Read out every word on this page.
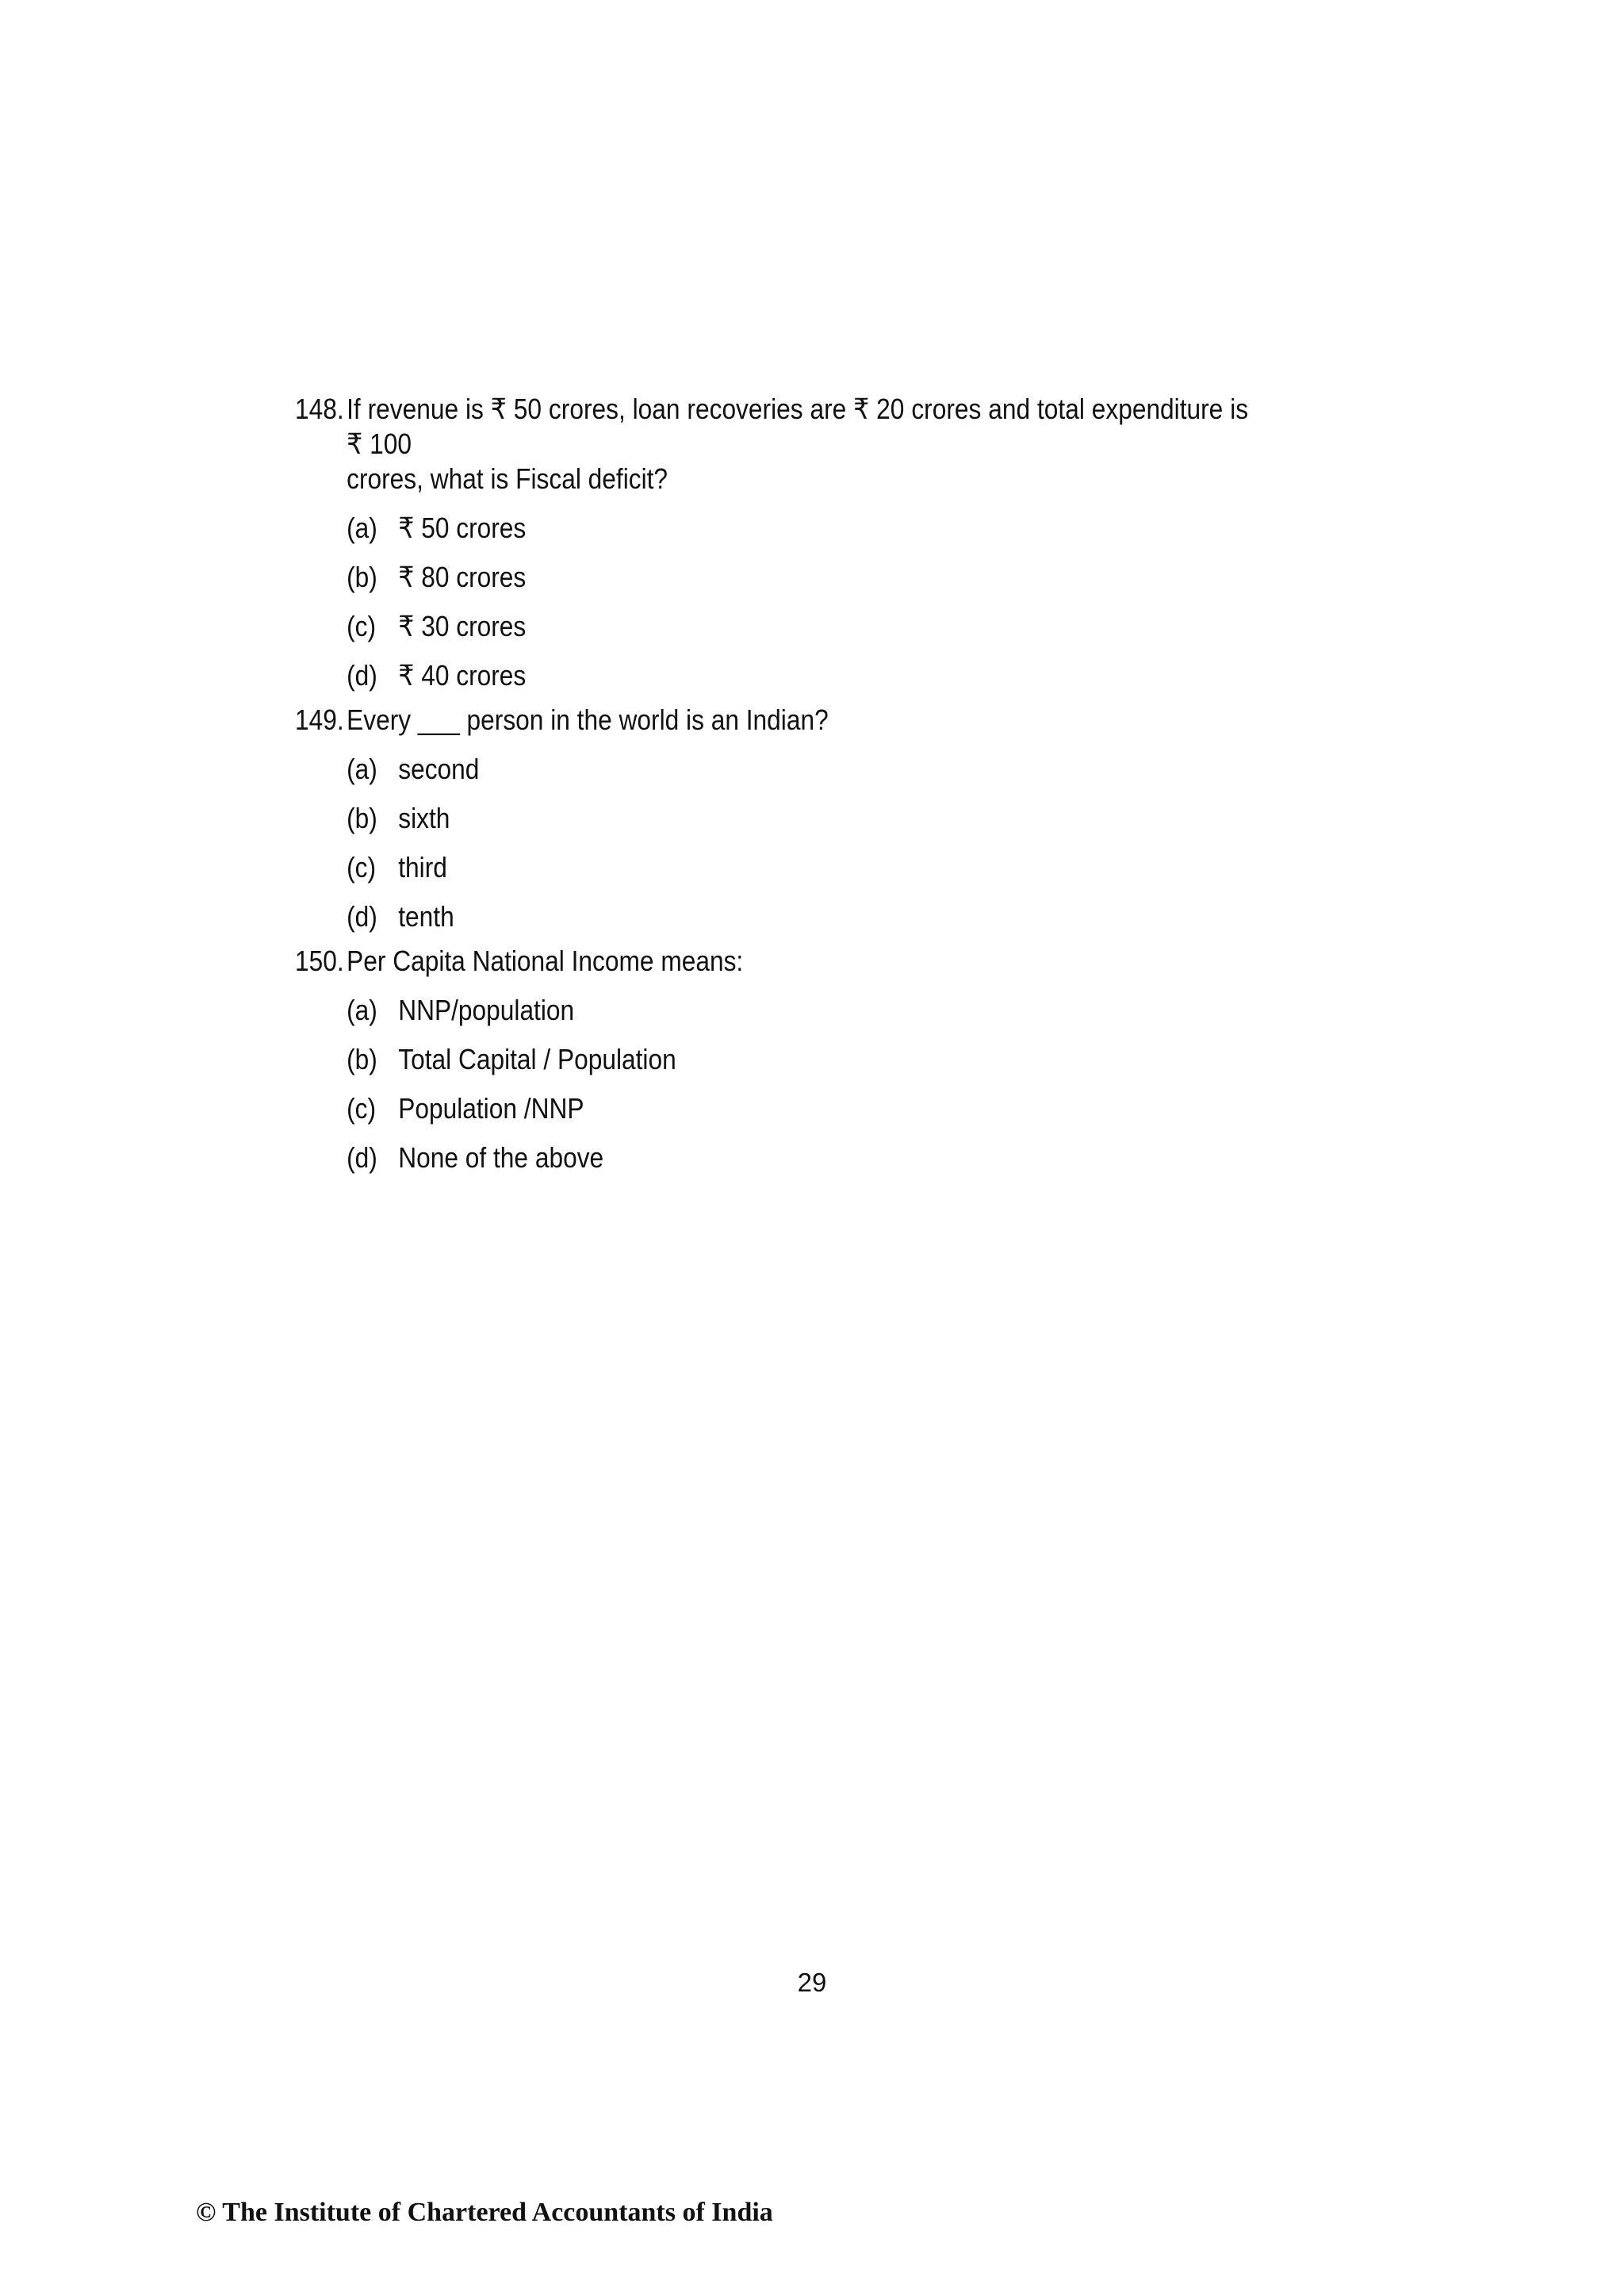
148. If revenue is ₹ 50 crores, loan recoveries are ₹ 20 crores and total expenditure is ₹ 100
crores, what is Fiscal deficit?
(a) ₹ 50 crores
(b) ₹ 80 crores
(c) ₹ 30 crores
(d) ₹ 40 crores
149. Every ___ person in the world is an Indian?
(a) second
(b) sixth
(c) third
(d) tenth
150. Per Capita National Income means:
(a) NNP/population
(b) Total Capital / Population
(c) Population /NNP
(d) None of the above
29
© The Institute of Chartered Accountants of India
